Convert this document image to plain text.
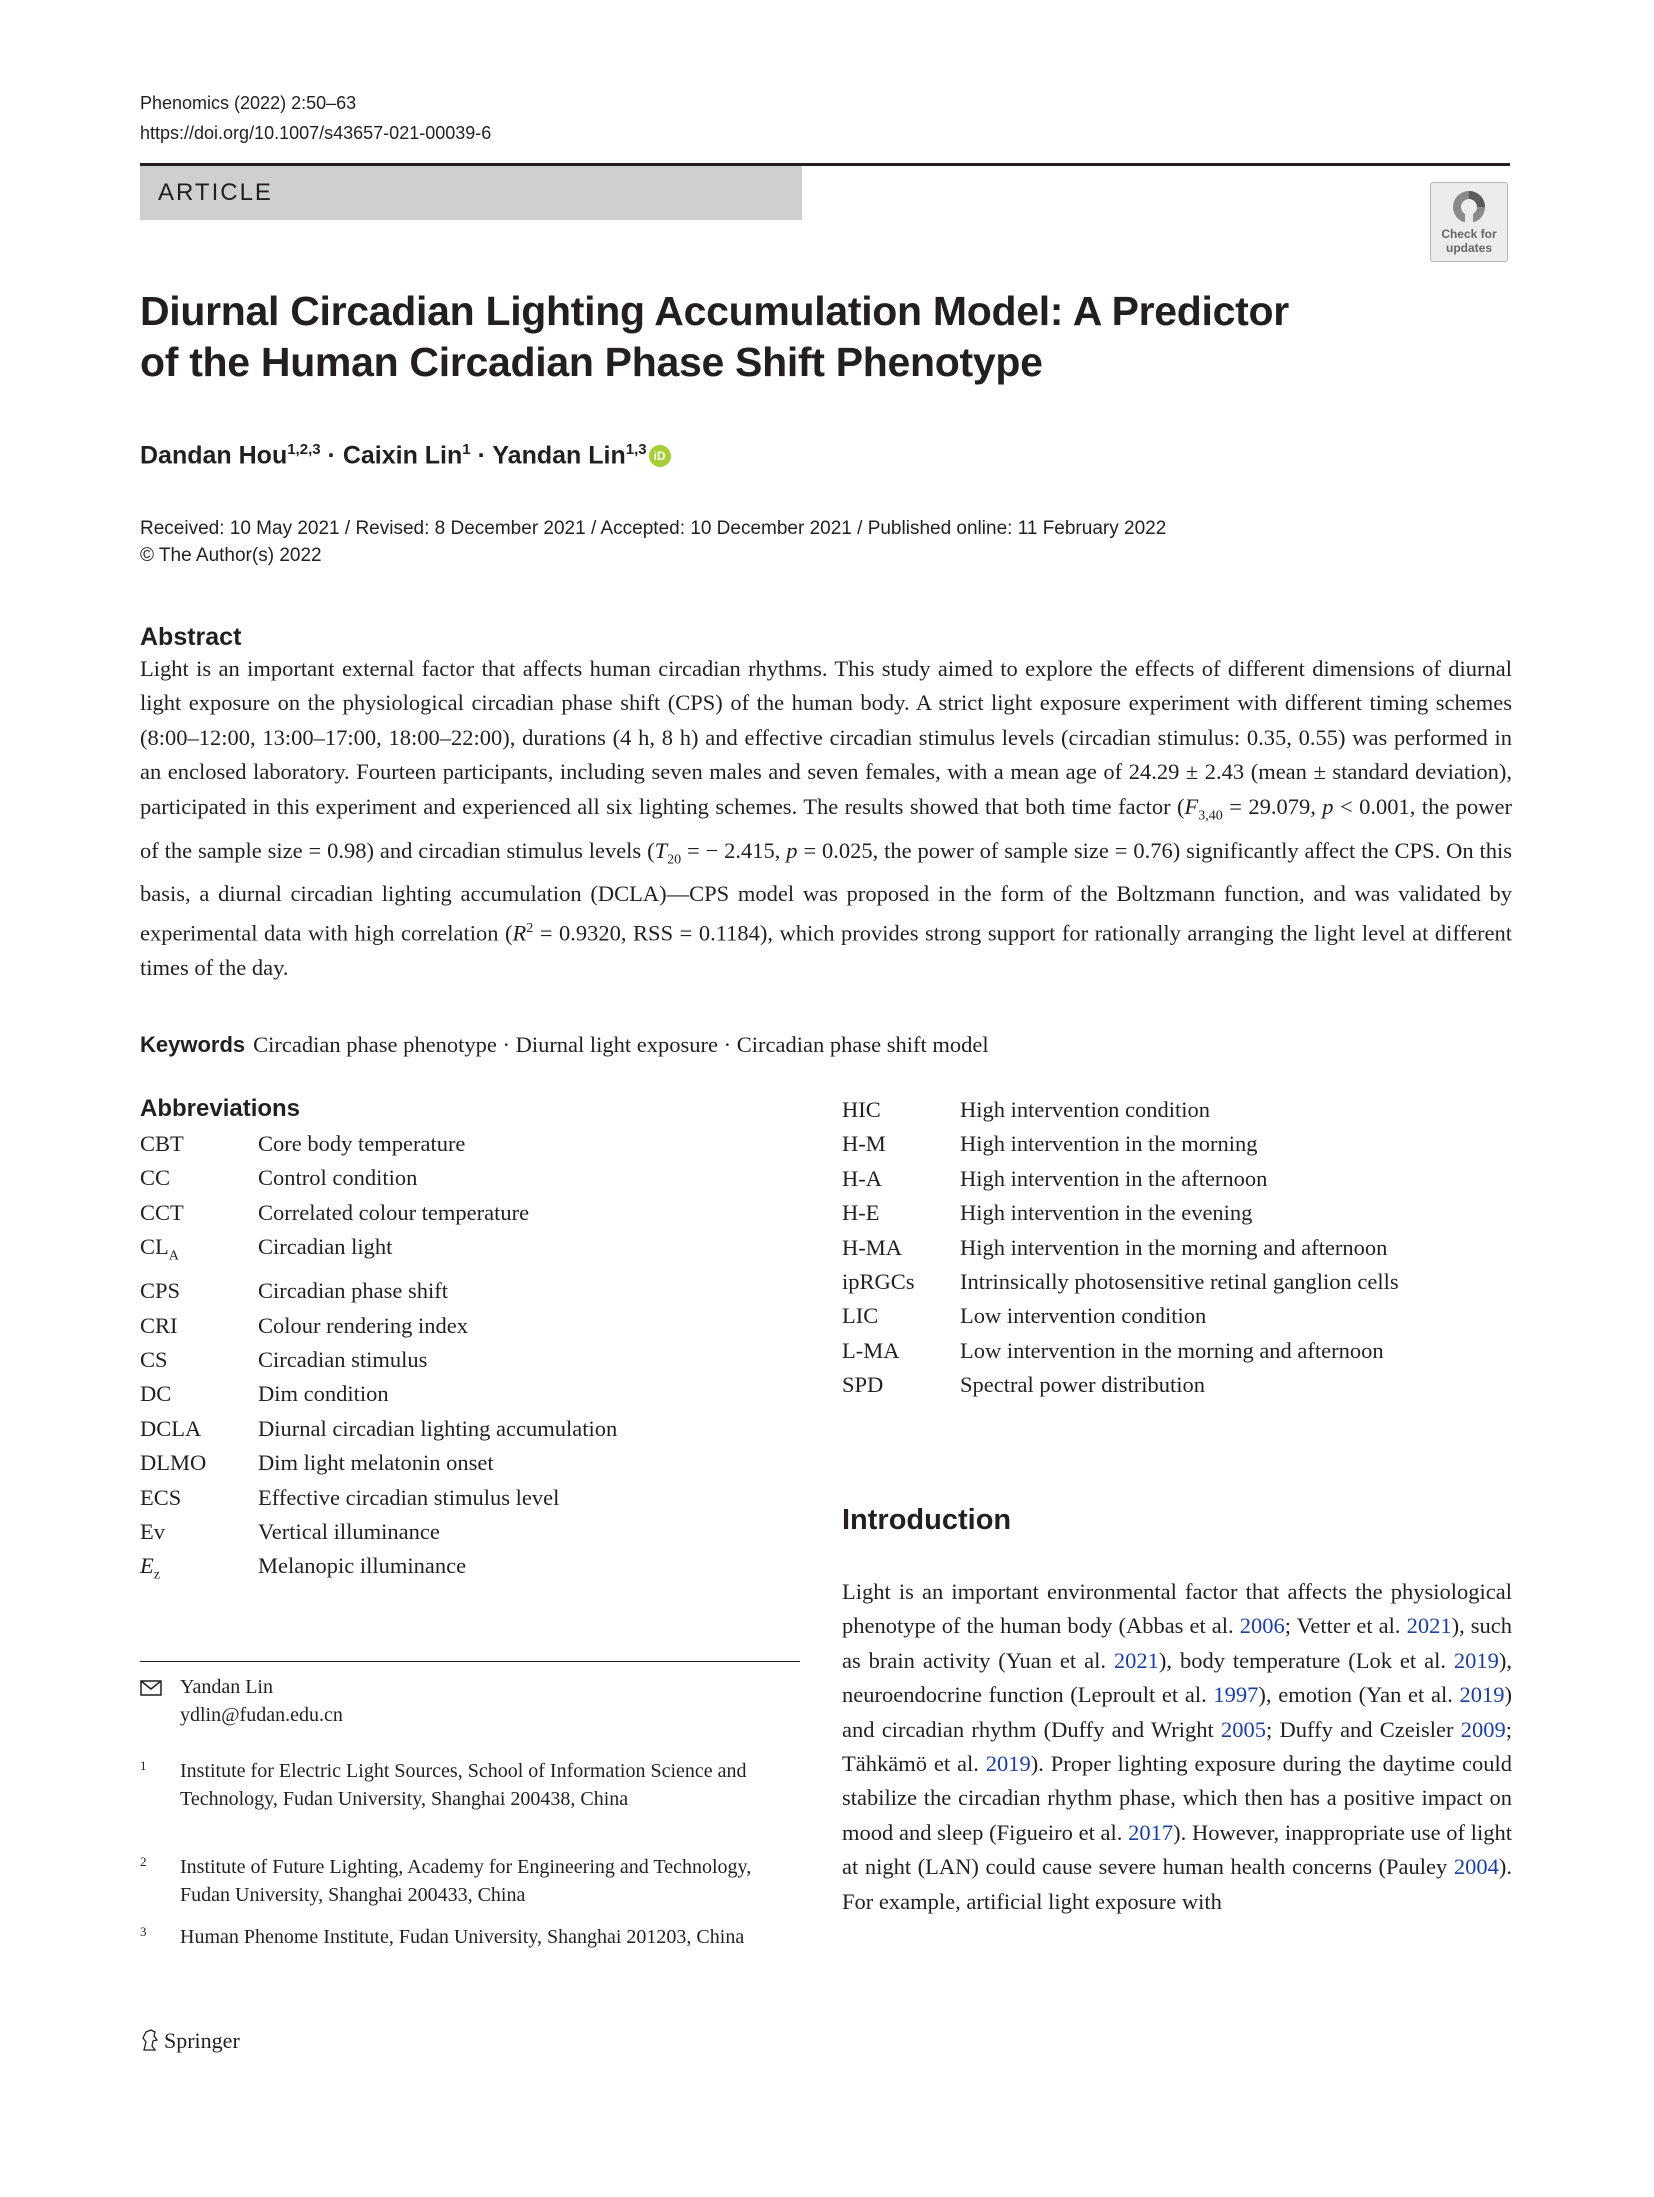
Phenomics (2022) 2:50–63
https://doi.org/10.1007/s43657-021-00039-6
ARTICLE
Check for updates
Diurnal Circadian Lighting Accumulation Model: A Predictor
of the Human Circadian Phase Shift Phenotype
Dandan Hou$^{1,2,3}$ · Caixin Lin$^1$ · Yandan Lin$^{1,3}$ iD
Received: 10 May 2021 / Revised: 8 December 2021 / Accepted: 10 December 2021 / Published online: 11 February 2022
© The Author(s) 2022
Abstract
Light is an important external factor that affects human circadian rhythms. This study aimed to explore the effects of different dimensions of diurnal light exposure on the physiological circadian phase shift (CPS) of the human body. A strict light exposure experiment with different timing schemes (8:00–12:00, 13:00–17:00, 18:00–22:00), durations (4 h, 8 h) and effective circadian stimulus levels (circadian stimulus: 0.35, 0.55) was performed in an enclosed laboratory. Fourteen participants, including seven males and seven females, with a mean age of 24.29 ± 2.43 (mean ± standard deviation), participated in this experiment and experienced all six lighting schemes. The results showed that both time factor ($F_{3,40} = 29.079$, p < 0.001, the power of the sample size = 0.98) and circadian stimulus levels ($T_{20}$ = − 2.415, p = 0.025, the power of sample size = 0.76) significantly affect the CPS. On this basis, a diurnal circadian lighting accumulation (DCLA)—CPS model was proposed in the form of the Boltzmann function, and was validated by experimental data with high correlation ($R^2 = 0.9320$, RSS = 0.1184), which provides strong support for rationally arranging the light level at different times of the day.
Keywords Circadian phase phenotype · Diurnal light exposure · Circadian phase shift model
Abbreviations
CBT	Core body temperature
CC	Control condition
CCT	Correlated colour temperature
$CL_A$	Circadian light
CPS	Circadian phase shift
CRI	Colour rendering index
CS	Circadian stimulus
DC	Dim condition
DCLA	Diurnal circadian lighting accumulation
DLMO	Dim light melatonin onset
ECS	Effective circadian stimulus level
Ev	Vertical illuminance
$E_z$	Melanopic illuminance
HIC	High intervention condition
H-M	High intervention in the morning
H-A	High intervention in the afternoon
H-E	High intervention in the evening
H-MA	High intervention in the morning and afternoon
ipRGCs	Intrinsically photosensitive retinal ganglion cells
LIC	Low intervention condition
L-MA	Low intervention in the morning and afternoon
SPD	Spectral power distribution
Yandan Lin
ydlin@fudan.edu.cn
1 Institute for Electric Light Sources, School of Information Science and Technology, Fudan University, Shanghai 200438, China
2 Institute of Future Lighting, Academy for Engineering and Technology, Fudan University, Shanghai 200433, China
3 Human Phenome Institute, Fudan University, Shanghai 201203, China
Introduction
Light is an important environmental factor that affects the physiological phenotype of the human body (Abbas et al. 2006; Vetter et al. 2021), such as brain activity (Yuan et al. 2021), body temperature (Lok et al. 2019), neuroendocrine function (Leproult et al. 1997), emotion (Yan et al. 2019) and circadian rhythm (Duffy and Wright 2005; Duffy and Czeisler 2009; Tähkämö et al. 2019). Proper lighting exposure during the daytime could stabilize the circadian rhythm phase, which then has a positive impact on mood and sleep (Figueiro et al. 2017). However, inappropriate use of light at night (LAN) could cause severe human health concerns (Pauley 2004). For example, artificial light exposure with
Springer
